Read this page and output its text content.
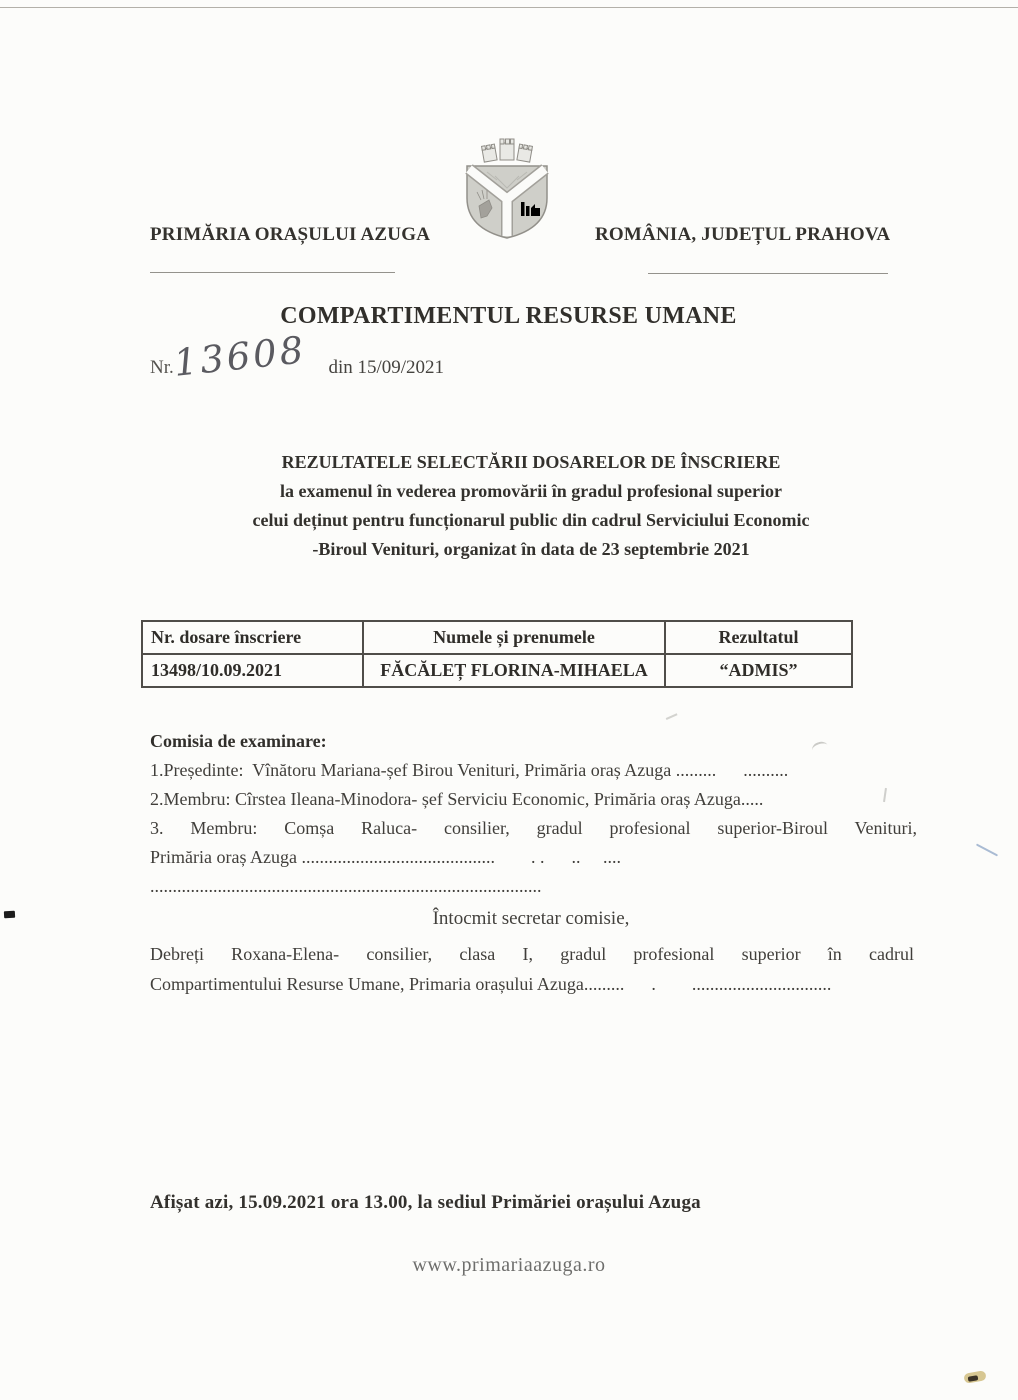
PRIMĂRIA ORAȘULUI AZUGA	ROMÂNIA, JUDEȚUL PRAHOVA
COMPARTIMENTUL RESURSE UMANE
Nr.13608 din 15/09/2021
REZULTATELE SELECTĂRII DOSARELOR DE ÎNSCRIERE
la examenul în vederea promovării în gradul profesional superior
celui deținut pentru funcționarul public din cadrul Serviciului Economic
-Biroul Venituri, organizat în data de 23 septembrie 2021
Nr. dosare înscriere	Numele și prenumele	Rezultatul
13498/10.09.2021	FĂCĂLEȚ FLORINA-MIHAELA	“ADMIS”
Comisia de examinare:
1.Președinte:  Vînătoru Mariana-șef Birou Venituri, Primăria oraș Azuga .........      ..........
2.Membru: Cîrstea Ileana-Minodora- șef Serviciu Economic, Primăria oraș Azuga.....
3. Membru: Comșa Raluca- consilier, gradul profesional superior-Biroul Venituri,
Primăria oraș Azuga ...........................................        . .      ..     ....     .......................................................................................
Întocmit secretar comisie,
Debreți Roxana-Elena- consilier, clasa I, gradul profesional superior în cadrul
Compartimentului Resurse Umane, Primaria orașului Azuga.........      .        ...............................
Afișat azi, 15.09.2021 ora 13.00, la sediul Primăriei orașului Azuga
www.primariaazuga.ro
